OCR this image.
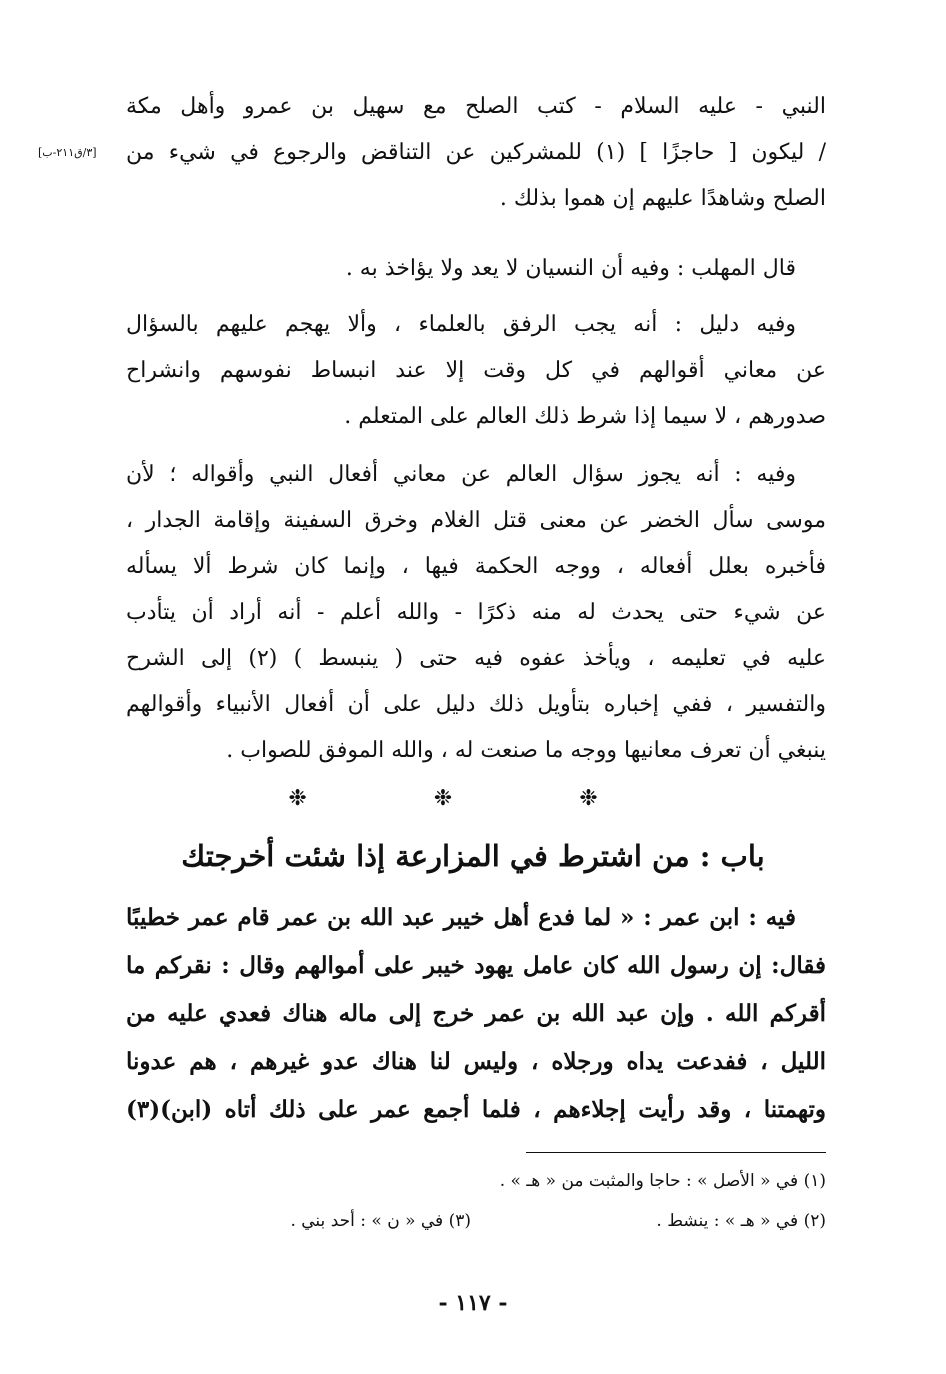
النبي - عليه السلام - كتب الصلح مع سهيل بن عمرو وأهل مكة
/ ليكون [ حاجزًا ] (١) للمشركين عن التناقض والرجوع في شيء من
الصلح وشاهدًا عليهم إن هموا بذلك .
[٣/ق٢١١-ب]
قال المهلب : وفيه أن النسيان لا يعد ولا يؤاخذ به .
وفيه دليل : أنه يجب الرفق بالعلماء ، وألا يهجم عليهم بالسؤال
عن معاني أقوالهم في كل وقت إلا عند انبساط نفوسهم وانشراح
صدورهم ، لا سيما إذا شرط ذلك العالم على المتعلم .
وفيه : أنه يجوز سؤال العالم عن معاني أفعال النبي وأقواله ؛ لأن
موسى سأل الخضر عن معنى قتل الغلام وخرق السفينة وإقامة الجدار ،
فأخبره بعلل أفعاله ، ووجه الحكمة فيها ، وإنما كان شرط ألا يسأله
عن شيء حتى يحدث له منه ذكرًا - والله أعلم - أنه أراد أن يتأدب
عليه في تعليمه ، ويأخذ عفوه فيه حتى ( ينبسط ) (٢) إلى الشرح
والتفسير ، ففي إخباره بتأويل ذلك دليل على أن أفعال الأنبياء وأقوالهم
ينبغي أن تعرف معانيها ووجه ما صنعت له ، والله الموفق للصواب .
❉ ❉ ❉
باب : من اشترط في المزارعة إذا شئت أخرجتك
فيه : ابن عمر : « لما فدع أهل خيبر عبد الله بن عمر قام عمر خطيبًا
فقال: إن رسول الله كان عامل يهود خيبر على أموالهم وقال : نقركم ما
أقركم الله . وإن عبد الله بن عمر خرج إلى ماله هناك فعدي عليه من
الليل ، ففدعت يداه ورجلاه ، وليس لنا هناك عدو غيرهم ، هم عدونا
وتهمتنا ، وقد رأيت إجلاءهم ، فلما أجمع عمر على ذلك أتاه (ابن)(٣)
(١) في « الأصل » : حاجا والمثبت من « هـ » .
(٢) في « هـ » : ينشط .
(٣) في « ن » : أحد بني .
- ١١٧ -
